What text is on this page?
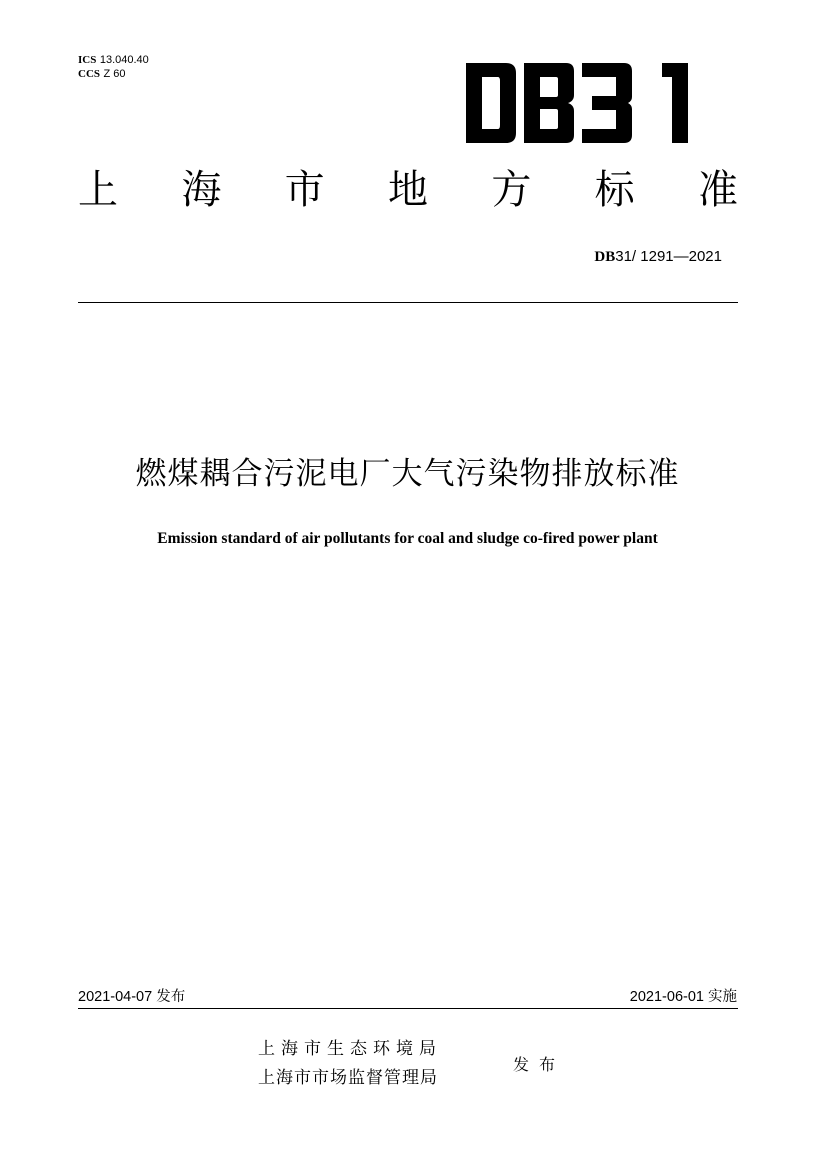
ICS 13.040.40
CCS Z 60
上 海 市 地 方 标 准
DB31/ 1291—2021
燃煤耦合污泥电厂大气污染物排放标准
Emission standard of air pollutants for coal and sludge co-fired power plant
2021-04-07 发布	2021-06-01 实施
上海市生态环境局
上海市市场监督管理局
发布
